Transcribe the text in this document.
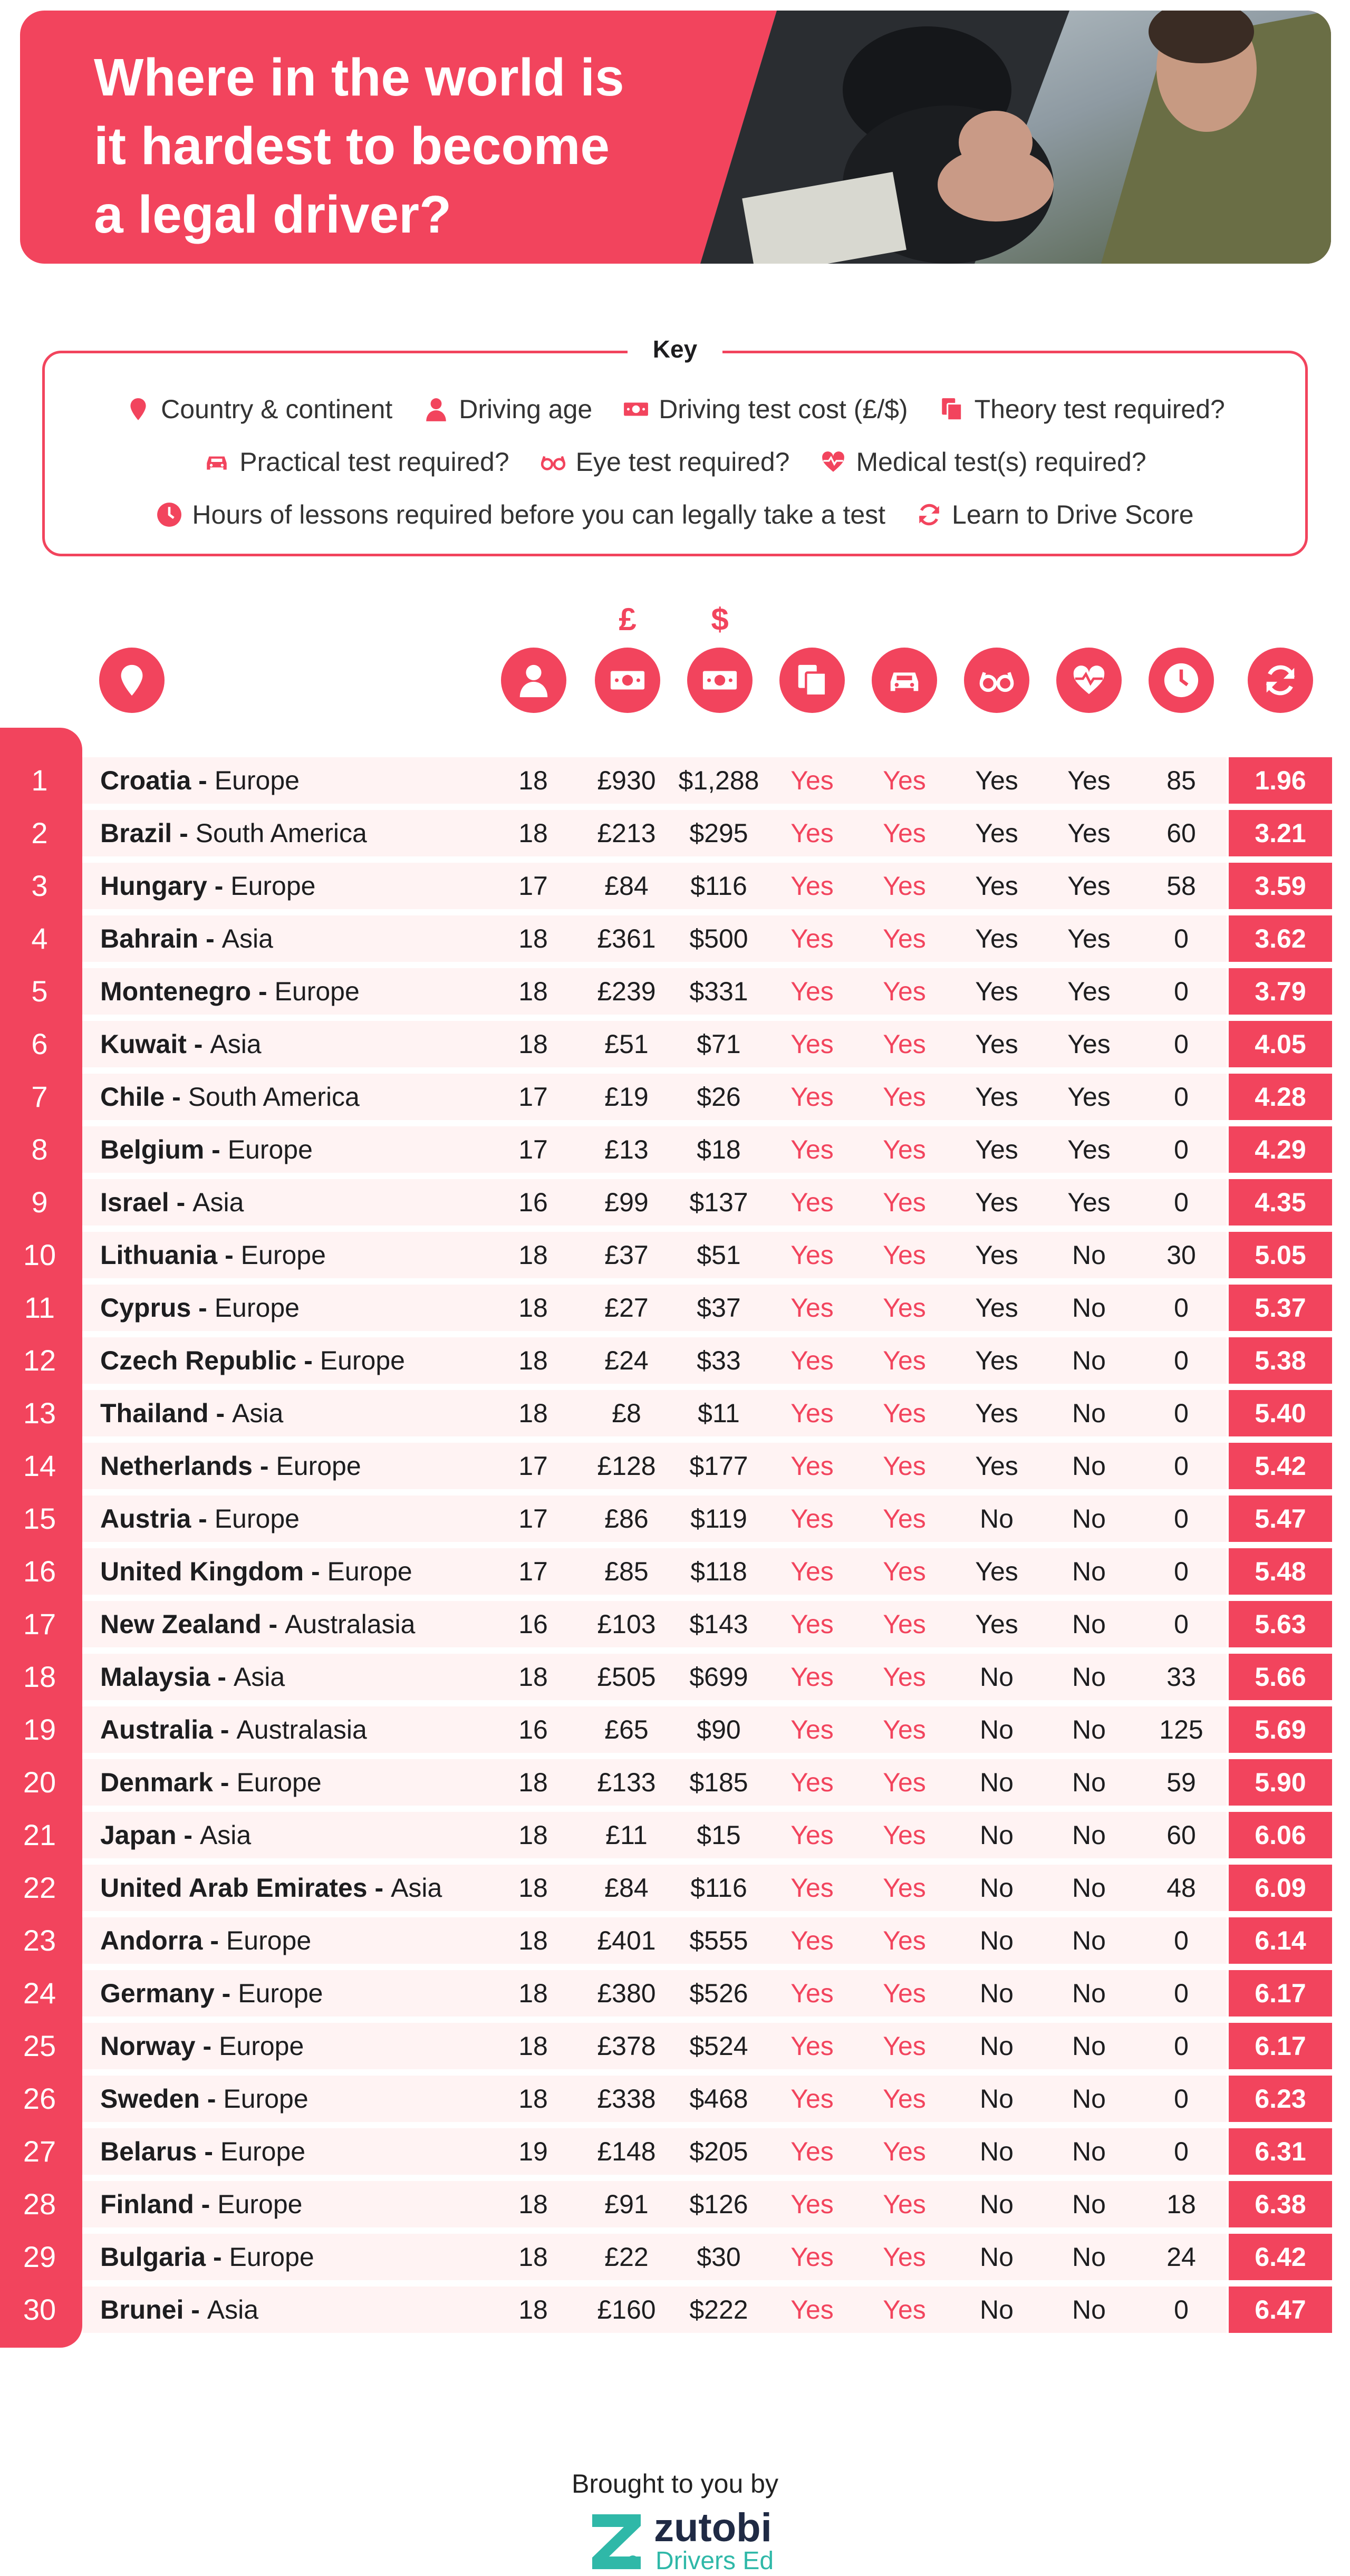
Where in the world is
it hardest to become
a legal driver?
Key
Country & continent	Driving age	Driving test cost (£/$)	Theory test required?
Practical test required?	Eye test required?	Medical test(s) required?
Hours of lessons required before you can legally take a test	Learn to Drive Score
£	$
1	Croatia - Europe	18	£930 $1,288	Yes	Yes	Yes	Yes	85	1.96
2	Brazil - South America	18	£213	$295	Yes	Yes	Yes	Yes	60	3.21
3	Hungary - Europe	17	£84	$116	Yes	Yes	Yes	Yes	58	3.59
4	Bahrain - Asia	18	£361	$500	Yes	Yes	Yes	Yes	0	3.62
5	Montenegro - Europe	18	£239	$331	Yes	Yes	Yes	Yes	0	3.79
6	Kuwait - Asia	18	£51	$71	Yes	Yes	Yes	Yes	0	4.05
7	Chile - South America	17	£19	$26	Yes	Yes	Yes	Yes	0	4.28
8	Belgium - Europe	17	£13	$18	Yes	Yes	Yes	Yes	0	4.29
9	Israel - Asia	16	£99	$137	Yes	Yes	Yes	Yes	0	4.35
10	Lithuania - Europe	18	£37	$51	Yes	Yes	Yes	No	30	5.05
11	Cyprus - Europe	18	£27	$37	Yes	Yes	Yes	No	0	5.37
12	Czech Republic - Europe	18	£24	$33	Yes	Yes	Yes	No	0	5.38
13	Thailand - Asia	18	£8	$11	Yes	Yes	Yes	No	0	5.40
14	Netherlands - Europe	17	£128	$177	Yes	Yes	Yes	No	0	5.42
15	Austria - Europe	17	£86	$119	Yes	Yes	No	No	0	5.47
16	United Kingdom - Europe	17	£85	$118	Yes	Yes	Yes	No	0	5.48
17	New Zealand - Australasia	16	£103	$143	Yes	Yes	Yes	No	0	5.63
18	Malaysia - Asia	18	£505	$699	Yes	Yes	No	No	33	5.66
19	Australia - Australasia	16	£65	$90	Yes	Yes	No	No	125	5.69
20	Denmark - Europe	18	£133	$185	Yes	Yes	No	No	59	5.90
21	Japan - Asia	18	£11	$15	Yes	Yes	No	No	60	6.06
22	United Arab Emirates - Asia	18	£84	$116	Yes	Yes	No	No	48	6.09
23	Andorra - Europe	18	£401	$555	Yes	Yes	No	No	0	6.14
24	Germany - Europe	18	£380	$526	Yes	Yes	No	No	0	6.17
25	Norway - Europe	18	£378	$524	Yes	Yes	No	No	0	6.17
26	Sweden - Europe	18	£338	$468	Yes	Yes	No	No	0	6.23
27	Belarus - Europe	19	£148	$205	Yes	Yes	No	No	0	6.31
28	Finland - Europe	18	£91	$126	Yes	Yes	No	No	18	6.38
29	Bulgaria - Europe	18	£22	$30	Yes	Yes	No	No	24	6.42
30	Brunei - Asia	18	£160	$222	Yes	Yes	No	No	0	6.47
Brought to you by
zutobi
Drivers Ed
